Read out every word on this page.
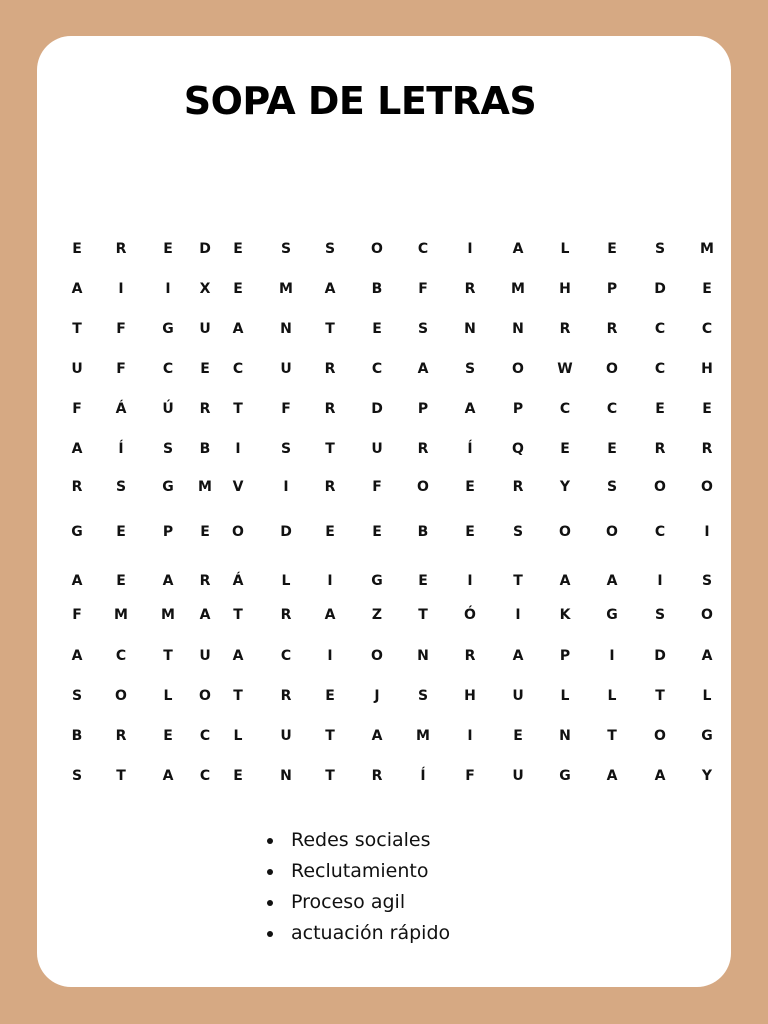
SOPA DE LETRAS
E	R	E	D	E	S	S	O	C	I	A	L	E	S	M
A	I	I	X	E	M	A	B	F	R	M	H	P	D	E
T	F	G	U	A	N	T	E	S	N	N	R	R	C	C
U	F	C	E	C	U	R	C	A	S	O	W	O	C	H
F	Á	Ú	R	T	F	R	D	P	A	P	C	C	E	E
A	Í	S	B	I	S	T	U	R	Í	Q	E	E	R	R
R	S	G	M	V	I	R	F	O	E	R	Y	S	O	O
G	E	P	E	O	D	E	E	B	E	S	O	O	C	I
A	E	A	R	Á	L	I	G	E	I	T	A	A	I	S
F	M	M	A	T	R	A	Z	T	Ó	I	K	G	S	O
A	C	T	U	A	C	I	O	N	R	A	P	I	D	A
S	O	L	O	T	R	E	J	S	H	U	L	L	T	L
B	R	E	C	L	U	T	A	M	I	E	N	T	O	G
S	T	A	C	E	N	T	R	Í	F	U	G	A	A	Y
Redes sociales
Reclutamiento
Proceso agil
actuación rápido
